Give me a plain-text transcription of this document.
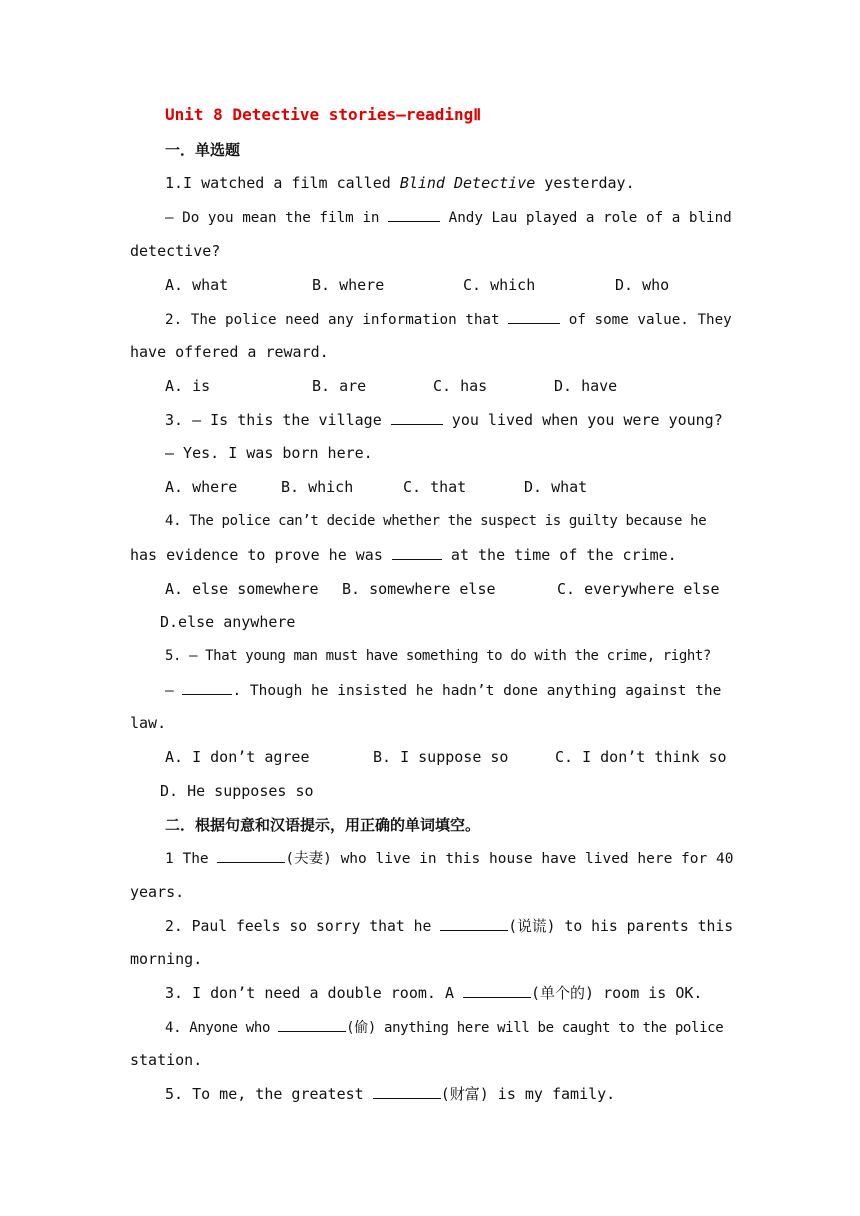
Unit 8 Detective stories—readingⅡ
一．单选题
1.I watched a film called Blind Detective yesterday.
— Do you mean the film in	Andy Lau played a role of a blind
detective?
A. what	B. where	C. which	D. who
2. The police need any information that	of some value. They
have offered a reward.
A. is	B. are	C. has	D. have
3. — Is this the village	you lived when you were young?
— Yes. I was born here.
A. where	B. which	C. that	D. what
4. The police can’t decide whether the suspect is guilty because he
has evidence to prove he was	at the time of the crime.
A. else somewhere B. somewhere else	C. everywhere else
D.else anywhere
5. — That young man must have something to do with the crime, right?
—	. Though he insisted he hadn’t done anything against the
law.
A. I don’t agree	B. I suppose so	C. I don’t think so
D. He supposes so
二．根据句意和汉语提示，用正确的单词填空。
1 The	(夫妻) who live in this house have lived here for 40
years.
2. Paul feels so sorry that he	(说谎) to his parents this
morning.
3. I don’t need a double room. A	(单个的) room is OK.
4. Anyone who	(偷) anything here will be caught to the police
station.
5. To me, the greatest	(财富) is my family.
